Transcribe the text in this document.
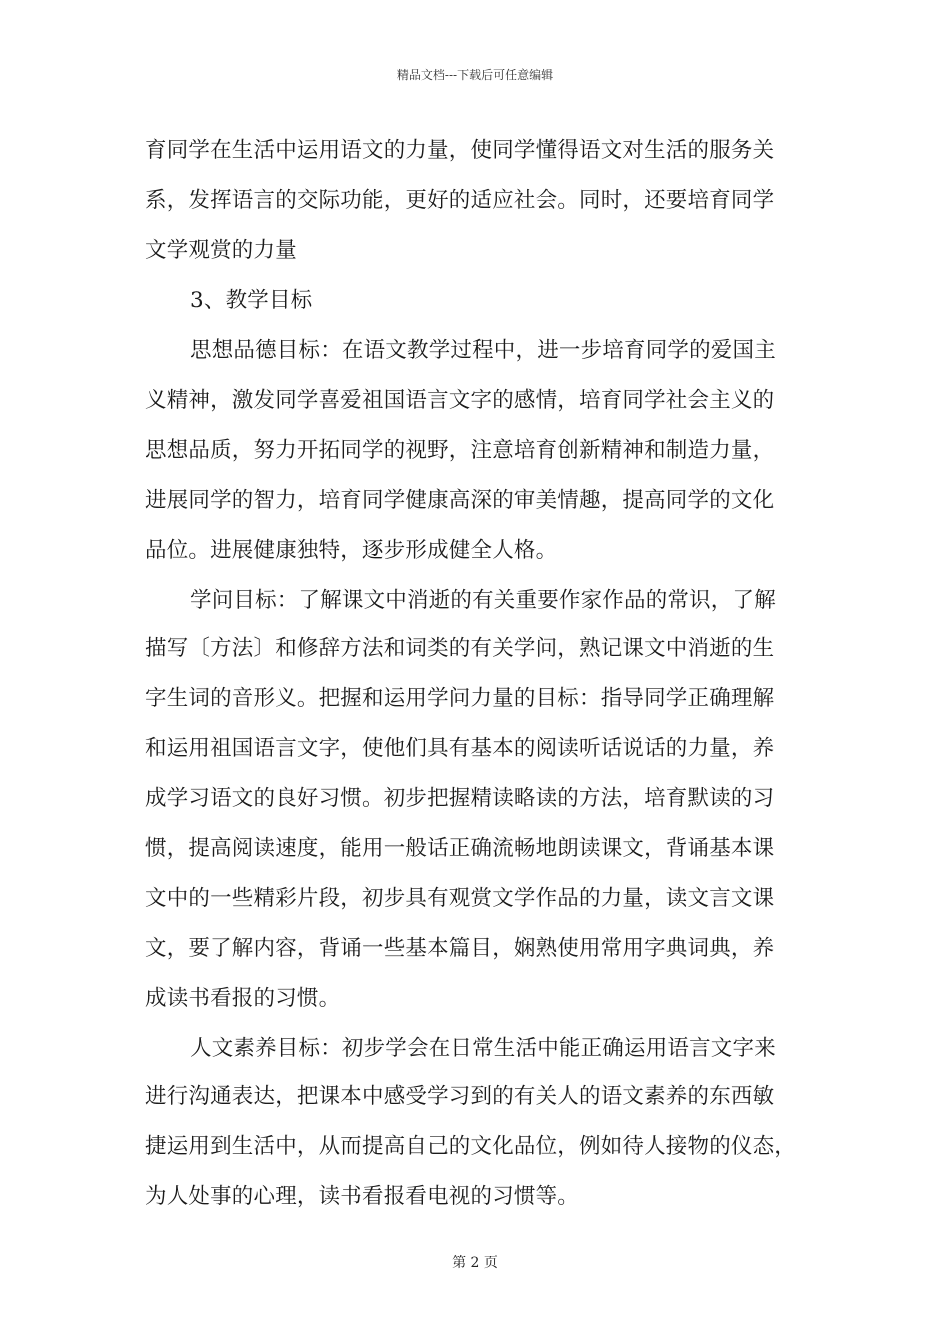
精品文档---下载后可任意编辑
育同学在生活中运用语文的力量，使同学懂得语文对生活的服务关
系，发挥语言的交际功能，更好的适应社会。同时，还要培育同学
文学观赏的力量
3、教学目标
思想品德目标：在语文教学过程中，进一步培育同学的爱国主
义精神，激发同学喜爱祖国语言文字的感情，培育同学社会主义的
思想品质，努力开拓同学的视野，注意培育创新精神和制造力量，
进展同学的智力，培育同学健康高深的审美情趣，提高同学的文化
品位。进展健康独特，逐步形成健全人格。
学问目标：了解课文中消逝的有关重要作家作品的常识，了解
描写〔方法〕和修辞方法和词类的有关学问，熟记课文中消逝的生
字生词的音形义。把握和运用学问力量的目标：指导同学正确理解
和运用祖国语言文字，使他们具有基本的阅读听话说话的力量，养
成学习语文的良好习惯。初步把握精读略读的方法，培育默读的习
惯，提高阅读速度，能用一般话正确流畅地朗读课文，背诵基本课
文中的一些精彩片段，初步具有观赏文学作品的力量，读文言文课
文，要了解内容，背诵一些基本篇目，娴熟使用常用字典词典，养
成读书看报的习惯。
人文素养目标：初步学会在日常生活中能正确运用语言文字来
进行沟通表达，把课本中感受学习到的有关人的语文素养的东西敏
捷运用到生活中，从而提高自己的文化品位，例如待人接物的仪态，
为人处事的心理，读书看报看电视的习惯等。
第 2 页
